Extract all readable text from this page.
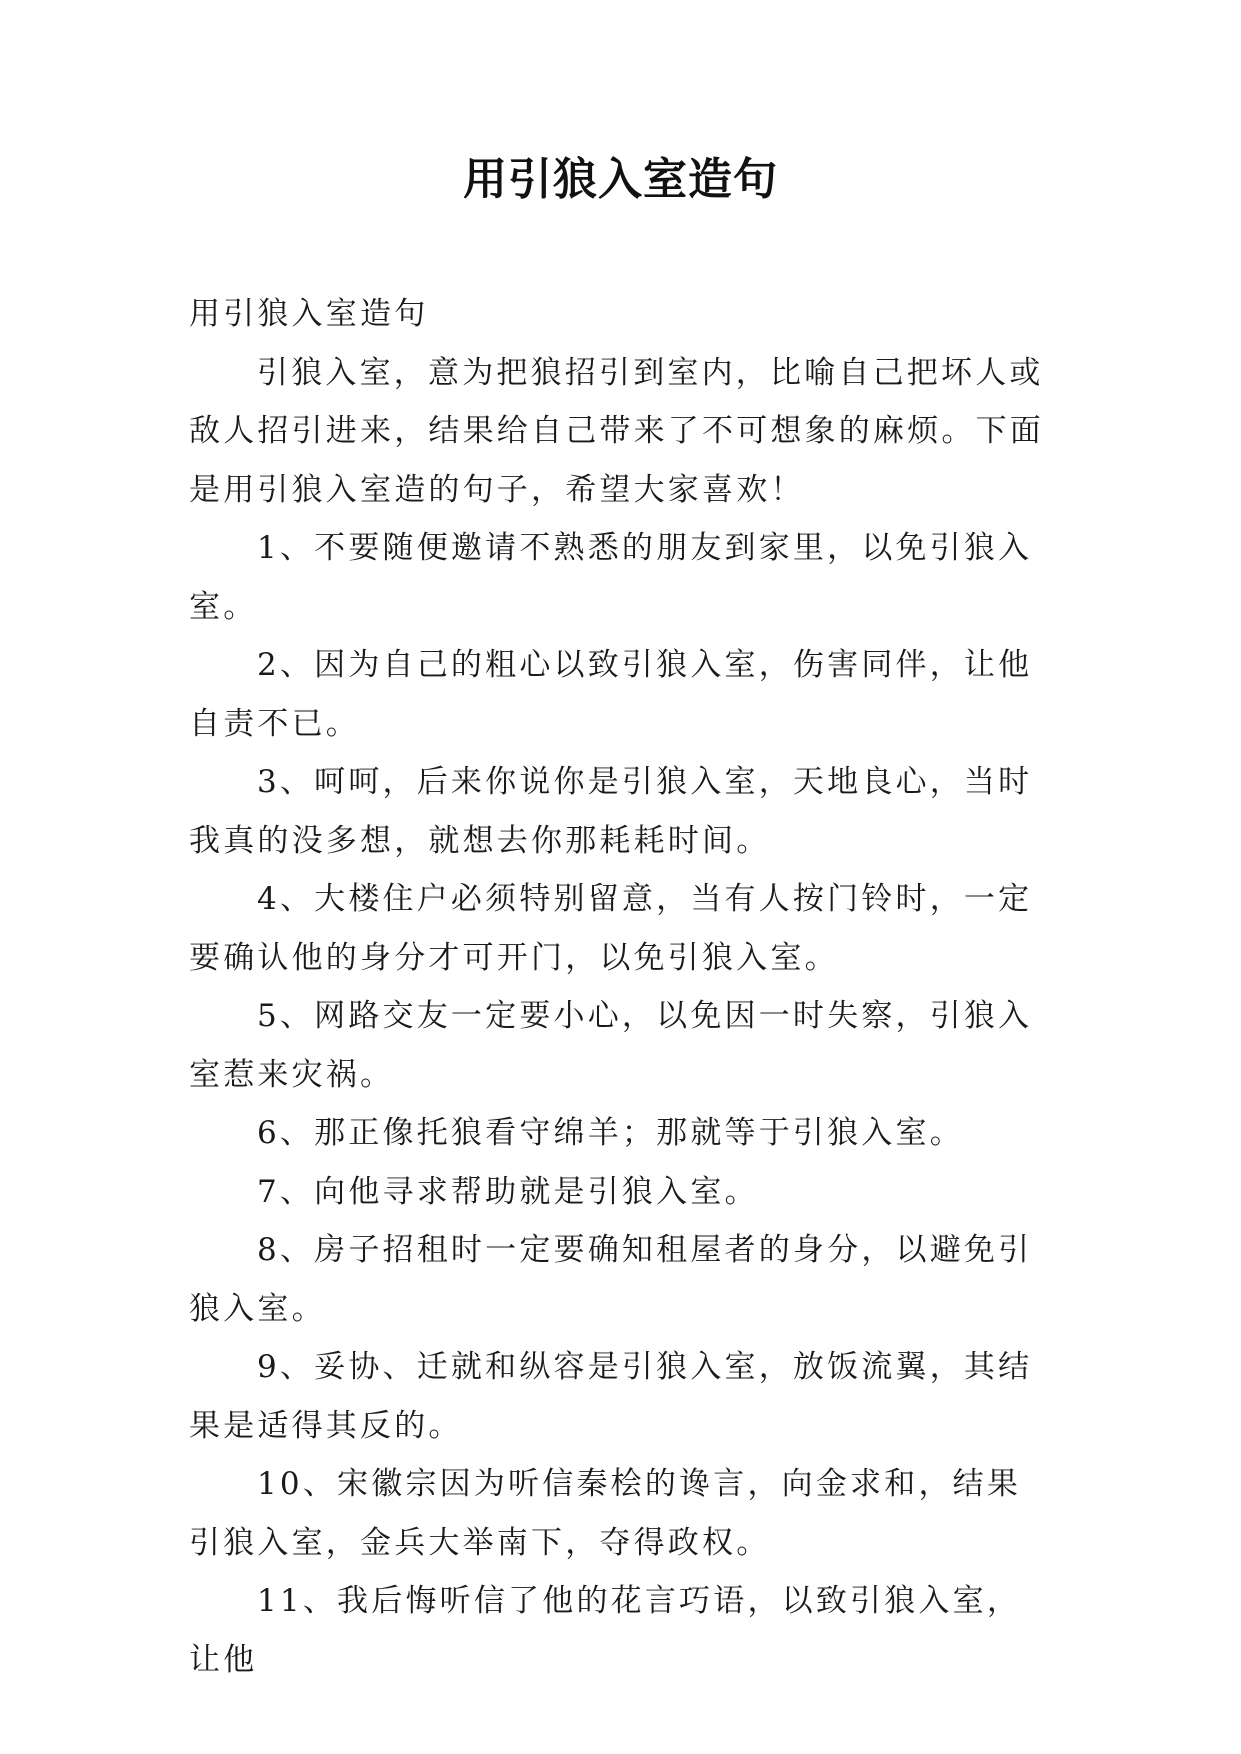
用引狼入室造句

用引狼入室造句

引狼入室，意为把狼招引到室内，比喻自己把坏人或敌人招引进来，结果给自己带来了不可想象的麻烦。下面是用引狼入室造的句子，希望大家喜欢！

1、不要随便邀请不熟悉的朋友到家里，以免引狼入室。

2、因为自己的粗心以致引狼入室，伤害同伴，让他自责不已。

3、呵呵，后来你说你是引狼入室，天地良心，当时我真的没多想，就想去你那耗耗时间。

4、大楼住户必须特别留意，当有人按门铃时，一定要确认他的身分才可开门，以免引狼入室。

5、网路交友一定要小心，以免因一时失察，引狼入室惹来灾祸。

6、那正像托狼看守绵羊；那就等于引狼入室。

7、向他寻求帮助就是引狼入室。

8、房子招租时一定要确知租屋者的身分，以避免引狼入室。

9、妥协、迁就和纵容是引狼入室，放饭流翼，其结果是适得其反的。

10、宋徽宗因为听信秦桧的谗言，向金求和，结果引狼入室，金兵大举南下，夺得政权。

11、我后悔听信了他的花言巧语，以致引狼入室，让他
